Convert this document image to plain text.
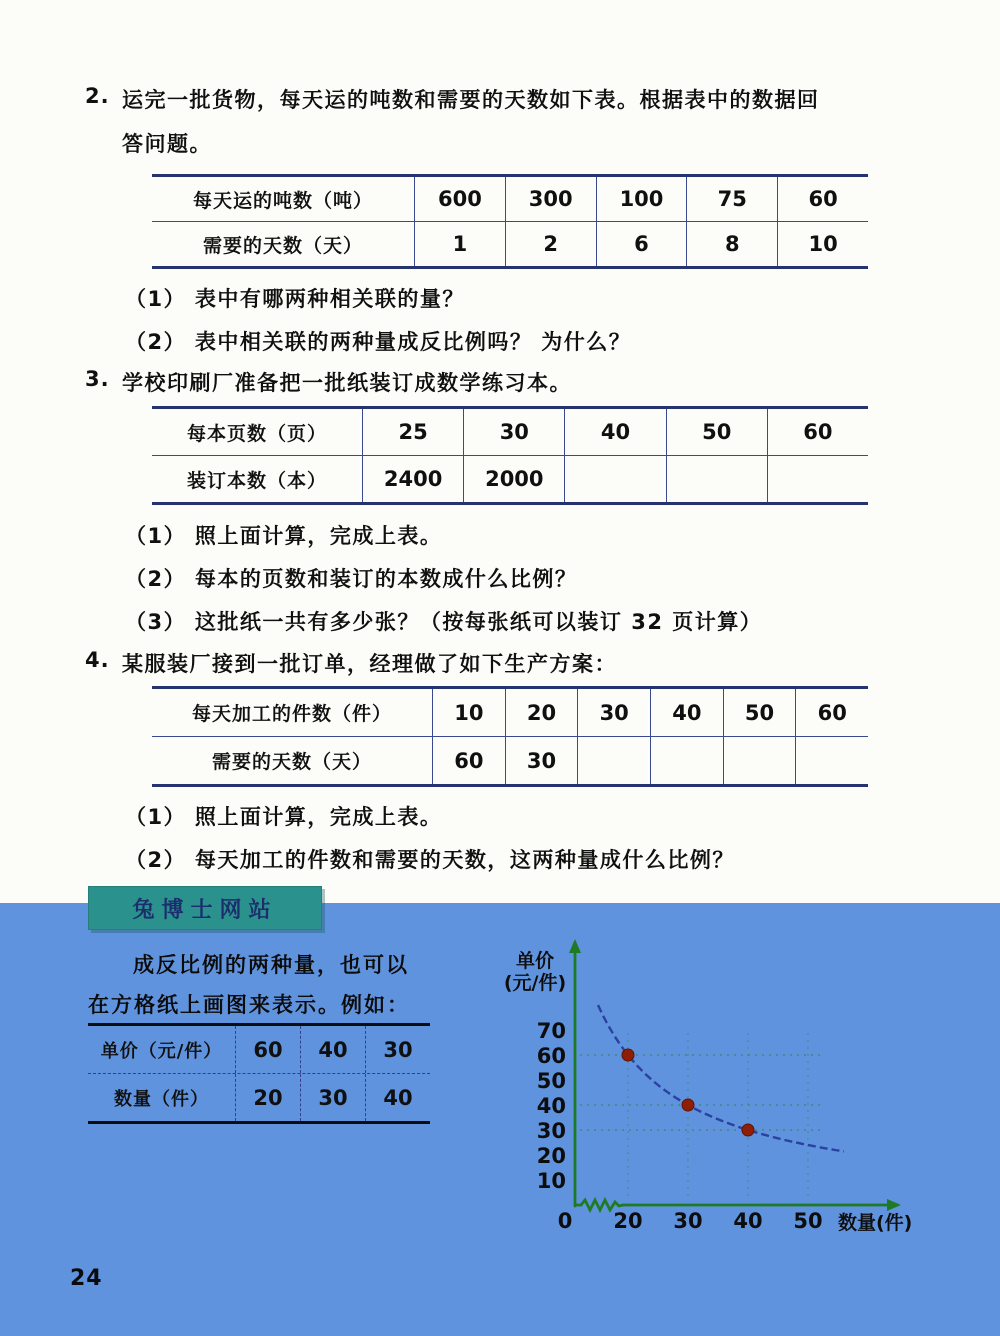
2. 运完一批货物，每天运的吨数和需要的天数如下表。根据表中的数据回
答问题。
每天运的吨数（吨）	600	300	100	75	60
需要的天数（天）	1	2	6	8	10
（1） 表中有哪两种相关联的量？
（2） 表中相关联的两种量成反比例吗？ 为什么？
3. 学校印刷厂准备把一批纸装订成数学练习本。
每本页数（页）	25	30	40	50	60
装订本数（本）	2400	2000
（1） 照上面计算，完成上表。
（2） 每本的页数和装订的本数成什么比例？
（3） 这批纸一共有多少张？（按每张纸可以装订 32 页计算）
4. 某服装厂接到一批订单，经理做了如下生产方案：
每天加工的件数（件）	10	20	30	40	50	60
需要的天数（天）	60	30
（1） 照上面计算，完成上表。
（2） 每天加工的件数和需要的天数，这两种量成什么比例？
兔博士网站
成反比例的两种量，也可以
在方格纸上画图来表示。例如：
单价（元/件）	60	40	30
数量（件）	20	30	40
10
20
30
40
50
60
70
0 20 30 40 50
单价
(元/件)
数量(件)
24
